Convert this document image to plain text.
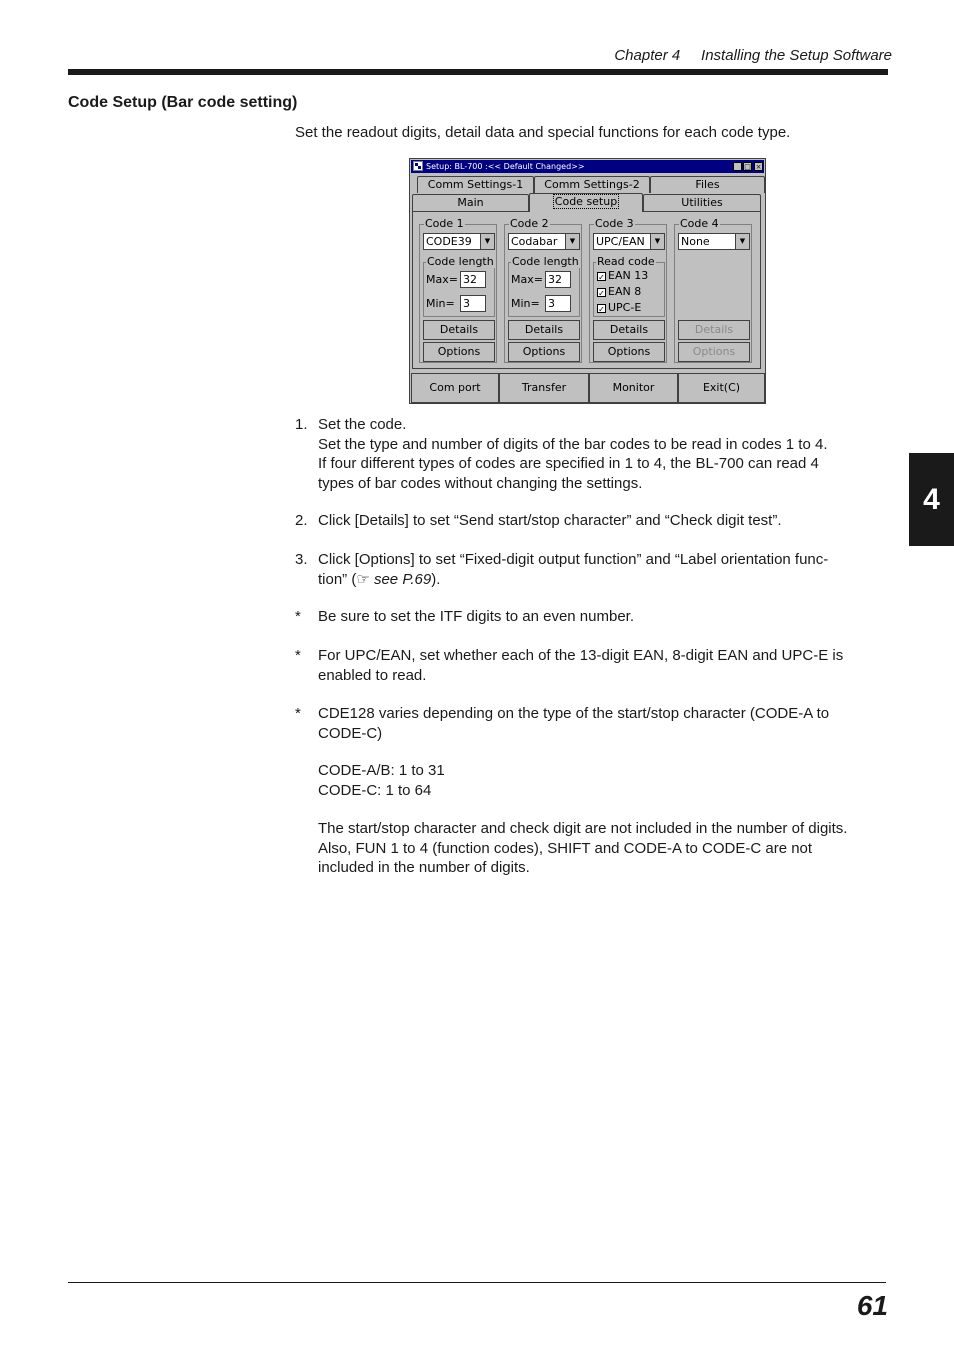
Chapter 4 Installing the Setup Software
Code Setup (Bar code setting)
Set the readout digits, detail data and special functions for each code type.
4
Setup: BL-700 :<< Default Changed>>	_ □ ×
Comm Settings-1	Comm Settings-2	Files
Main	Code setup	Utilities
Code 1
CODE39	▼
Code length
Max= 32
Min= 3
Details
Options
Code 2
Codabar	▼
Code length
Max= 32
Min= 3
Details
Options
Code 3
UPC/EAN	▼
Read code
✓ EAN 13
✓ EAN 8
✓ UPC-E
Details
Options
Code 4
None	▼
Details
Options
Com port	Transfer	Monitor	Exit(C)
1. Set the code.
Set the type and number of digits of the bar codes to be read in codes 1 to 4.
If four different types of codes are specified in 1 to 4, the BL-700 can read 4
types of bar codes without changing the settings.
2. Click [Details] to set “Send start/stop character” and “Check digit test”.
3. Click [Options] to set “Fixed-digit output function” and “Label orientation func-
tion” (☞ see P.69).
* Be sure to set the ITF digits to an even number.
* For UPC/EAN, set whether each of the 13-digit EAN, 8-digit EAN and UPC-E is
enabled to read.
* CDE128 varies depending on the type of the start/stop character (CODE-A to
CODE-C)
CODE-A/B: 1 to 31
CODE-C: 1 to 64
The start/stop character and check digit are not included in the number of digits.
Also, FUN 1 to 4 (function codes), SHIFT and CODE-A to CODE-C are not
included in the number of digits.
61
